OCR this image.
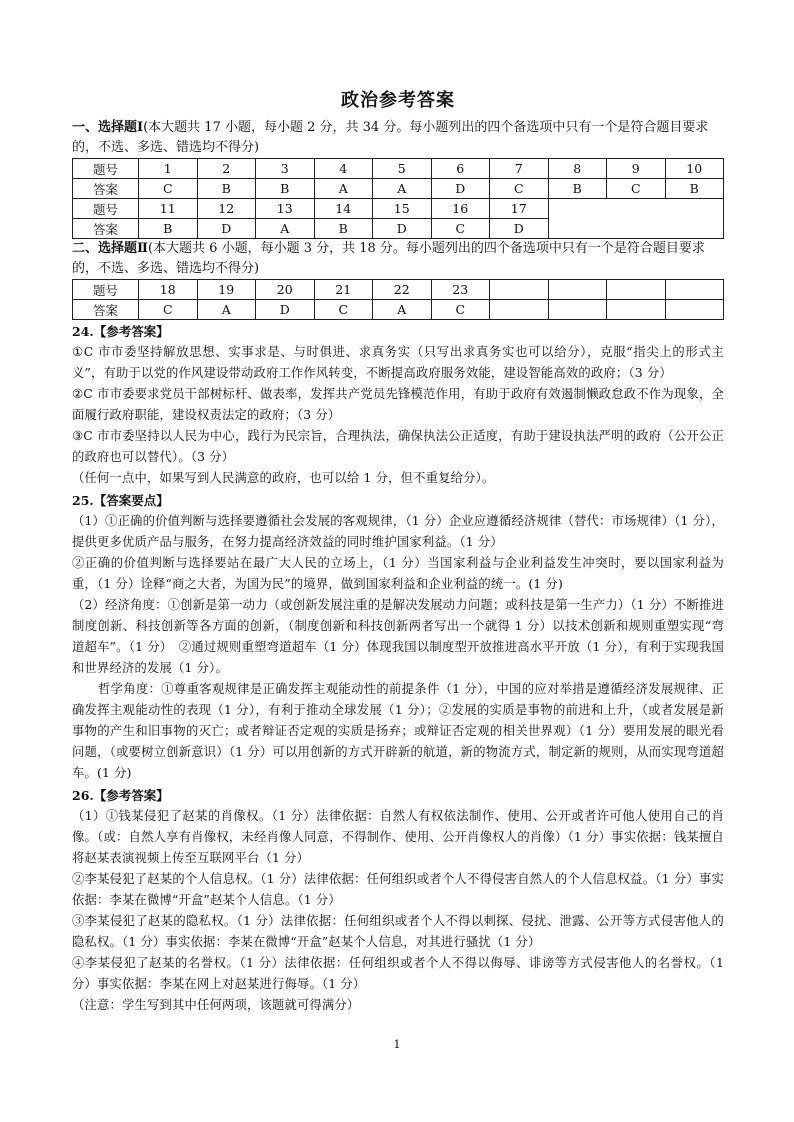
政治参考答案

一、选择题Ⅰ(本大题共 17 小题，每小题 2 分，共 34 分。每小题列出的四个备选项中只有一个是符合题目要求的，不选、多选、错选均不得分)

题号	1	2	3	4	5	6	7	8	9	10
答案	C	B	B	A	A	D	C	B	C	B
题号	11	12	13	14	15	16	17			
答案	B	D	A	B	D	C	D			

二、选择题Ⅱ(本大题共 6 小题，每小题 3 分，共 18 分。每小题列出的四个备选项中只有一个是符合题目要求的，不选、多选、错选均不得分)

题号	18	19	20	21	22	23				
答案	C	A	D	C	A	C				
24.【参考答案】

①C 市市委坚持解放思想、实事求是、与时俱进、求真务实（只写出求真务实也可以给分），克服“指尖上的形式主义”，有助于以党的作风建设带动政府工作作风转变，不断提高政府服务效能，建设智能高效的政府；（3 分）

②C 市市委要求党员干部树标杆、做表率，发挥共产党员先锋模范作用，有助于政府有效遏制懒政怠政不作为现象，全面履行政府职能，建设权责法定的政府；（3 分）

③C 市市委坚持以人民为中心，践行为民宗旨，合理执法，确保执法公正适度，有助于建设执法严明的政府（公开公正的政府也可以替代）。（3 分）

（任何一点中，如果写到人民满意的政府，也可以给 1 分，但不重复给分）。

25.【答案要点】

（1）①正确的价值判断与选择要遵循社会发展的客观规律，（1 分）企业应遵循经济规律（替代：市场规律）（1 分），提供更多优质产品与服务，在努力提高经济效益的同时维护国家利益。（1 分）

②正确的价值判断与选择要站在最广大人民的立场上，（1 分）当国家利益与企业利益发生冲突时，要以国家利益为重，（1 分）诠释“商之大者，为国为民”的境界，做到国家利益和企业利益的统一。(1 分)

（2）经济角度：①创新是第一动力（或创新发展注重的是解决发展动力问题；或科技是第一生产力）（1 分）不断推进制度创新、科技创新等各方面的创新，（制度创新和科技创新两者写出一个就得 1 分）以技术创新和规则重塑实现“弯道超车”。（1 分）　②通过规则重塑弯道超车（1 分）体现我国以制度型开放推进高水平开放（1 分），有利于实现我国和世界经济的发展（1 分）。

哲学角度：①尊重客观规律是正确发挥主观能动性的前提条件（1 分），中国的应对举措是遵循经济发展规律、正确发挥主观能动性的表现（1 分），有利于推动全球发展（1 分）；②发展的实质是事物的前进和上升，（或者发展是新事物的产生和旧事物的灭亡；或者辩证否定观的实质是扬弃；或辩证否定观的相关世界观）（1 分）要用发展的眼光看问题，（或要树立创新意识）（1 分）可以用创新的方式开辟新的航道，新的物流方式，制定新的规则，从而实现弯道超车。(1 分)

26.【参考答案】

（1）①钱某侵犯了赵某的肖像权。（1 分）法律依据：自然人有权依法制作、使用、公开或者许可他人使用自己的肖像。（或：自然人享有肖像权，未经肖像人同意，不得制作、使用、公开肖像权人的肖像）（1 分）事实依据：钱某擅自将赵某表演视频上传至互联网平台（1 分）

②李某侵犯了赵某的个人信息权。（1 分）法律依据：任何组织或者个人不得侵害自然人的个人信息权益。（1 分）事实依据：李某在微博“开盒”赵某个人信息。（1 分）

③李某侵犯了赵某的隐私权。（1 分）法律依据：任何组织或者个人不得以刺探、侵扰、泄露、公开等方式侵害他人的隐私权。（1 分）事实依据：李某在微博“开盒”赵某个人信息，对其进行骚扰（1 分）

④李某侵犯了赵某的名誉权。（1 分）法律依据：任何组织或者个人不得以侮辱、诽谤等方式侵害他人的名誉权。（1 分）事实依据：李某在网上对赵某进行侮辱。（1 分）

（注意：学生写到其中任何两项，该题就可得满分）

1
